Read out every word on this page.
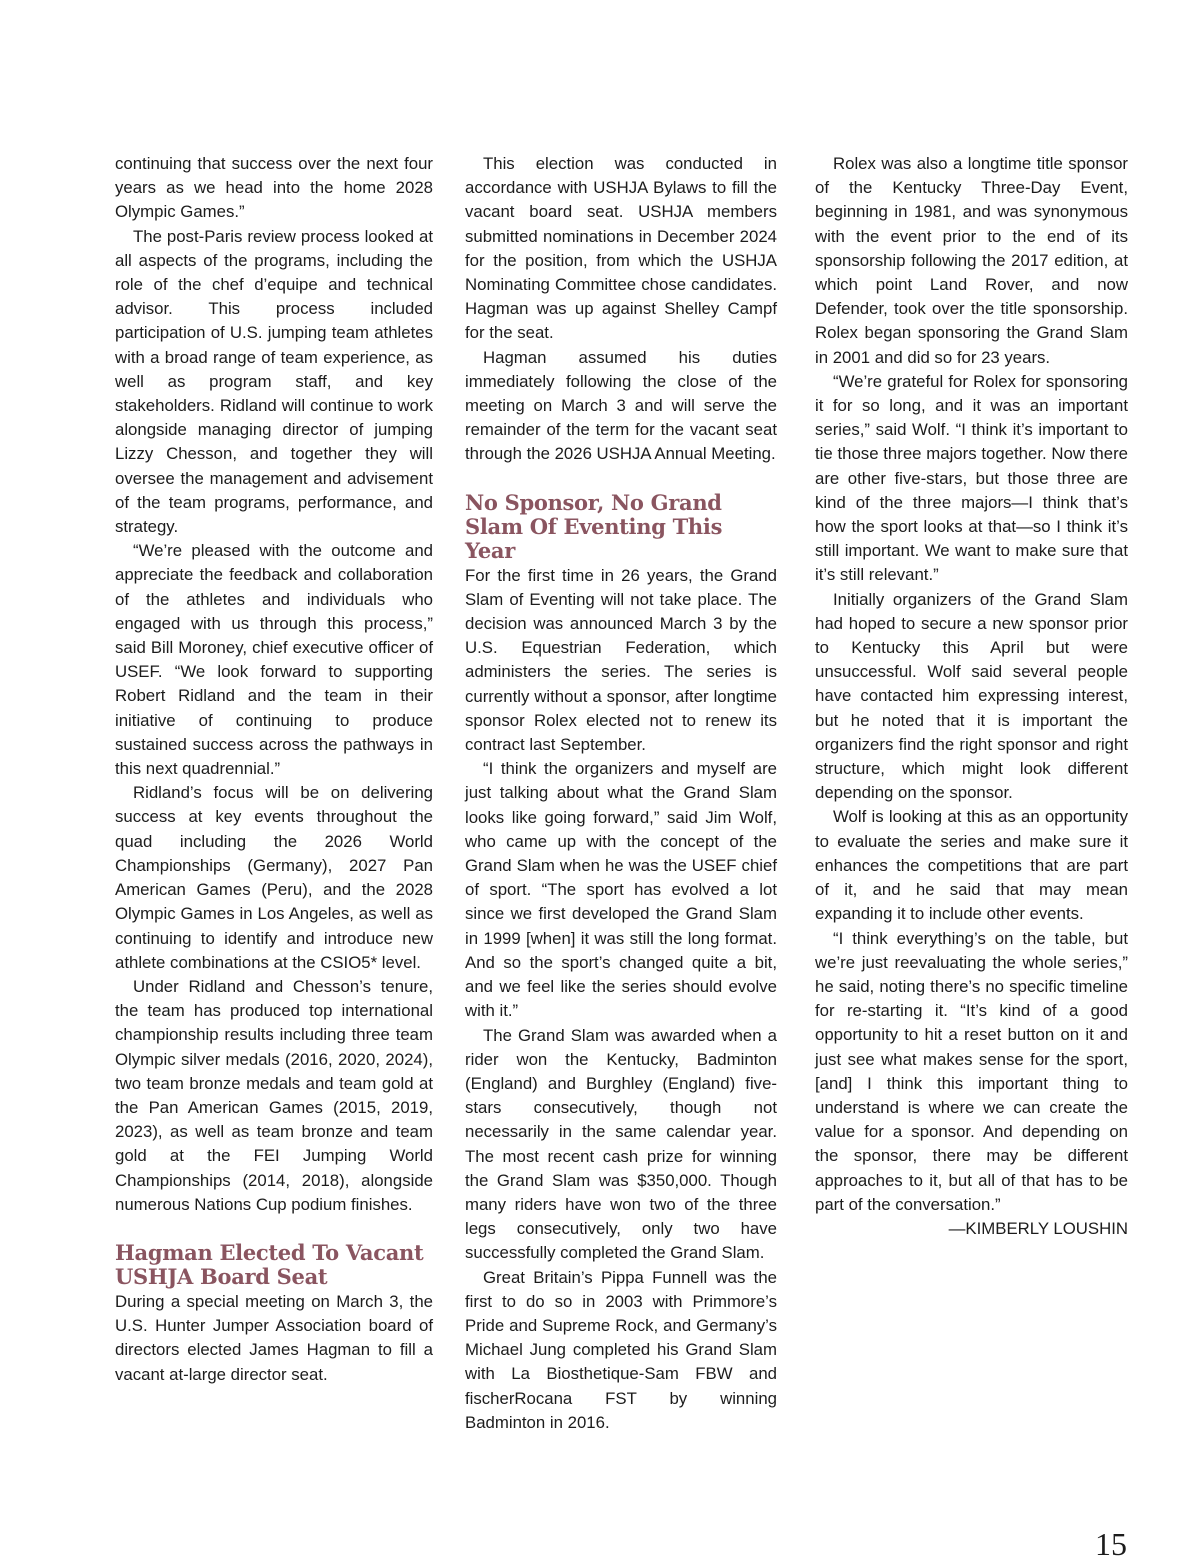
continuing that success over the next four years as we head into the home 2028 Olympic Games.”

The post-Paris review process looked at all aspects of the programs, including the role of the chef d’equipe and technical advisor. This process included participation of U.S. jumping team athletes with a broad range of team experience, as well as program staff, and key stakeholders. Ridland will continue to work alongside managing director of jumping Lizzy Chesson, and together they will oversee the management and advisement of the team programs, performance, and strategy.

“We’re pleased with the outcome and appreciate the feedback and collaboration of the athletes and individuals who engaged with us through this process,” said Bill Moroney, chief executive officer of USEF. “We look forward to supporting Robert Ridland and the team in their initiative of continuing to produce sustained success across the pathways in this next quadrennial.”

Ridland’s focus will be on delivering success at key events throughout the quad including the 2026 World Championships (Germany), 2027 Pan American Games (Peru), and the 2028 Olympic Games in Los Angeles, as well as continuing to identify and introduce new athlete combinations at the CSIO5* level.

Under Ridland and Chesson’s tenure, the team has produced top international championship results including three team Olympic silver medals (2016, 2020, 2024), two team bronze medals and team gold at the Pan American Games (2015, 2019, 2023), as well as team bronze and team gold at the FEI Jumping World Championships (2014, 2018), alongside numerous Nations Cup podium finishes.

Hagman Elected To Vacant USHJA Board Seat

During a special meeting on March 3, the U.S. Hunter Jumper Association board of directors elected James Hagman to fill a vacant at-large director seat.

This election was conducted in accordance with USHJA Bylaws to fill the vacant board seat. USHJA members submitted nominations in December 2024 for the position, from which the USHJA Nominating Committee chose candidates. Hagman was up against Shelley Campf for the seat.

Hagman assumed his duties immediately following the close of the meeting on March 3 and will serve the remainder of the term for the vacant seat through the 2026 USHJA Annual Meeting.

No Sponsor, No Grand Slam Of Eventing This Year

For the first time in 26 years, the Grand Slam of Eventing will not take place. The decision was announced March 3 by the U.S. Equestrian Federation, which administers the series. The series is currently without a sponsor, after longtime sponsor Rolex elected not to renew its contract last September.

“I think the organizers and myself are just talking about what the Grand Slam looks like going forward,” said Jim Wolf, who came up with the concept of the Grand Slam when he was the USEF chief of sport. “The sport has evolved a lot since we first developed the Grand Slam in 1999 [when] it was still the long format. And so the sport’s changed quite a bit, and we feel like the series should evolve with it.”

The Grand Slam was awarded when a rider won the Kentucky, Badminton (England) and Burghley (England) five-stars consecutively, though not necessarily in the same calendar year. The most recent cash prize for winning the Grand Slam was $350,000. Though many riders have won two of the three legs consecutively, only two have successfully completed the Grand Slam.

Great Britain’s Pippa Funnell was the first to do so in 2003 with Primmore’s Pride and Supreme Rock, and Germany’s Michael Jung completed his Grand Slam with La Biosthetique-Sam FBW and fischerRocana FST by winning Badminton in 2016.

Rolex was also a longtime title sponsor of the Kentucky Three-Day Event, beginning in 1981, and was synonymous with the event prior to the end of its sponsorship following the 2017 edition, at which point Land Rover, and now Defender, took over the title sponsorship. Rolex began sponsoring the Grand Slam in 2001 and did so for 23 years.

“We’re grateful for Rolex for sponsoring it for so long, and it was an important series,” said Wolf. “I think it’s important to tie those three majors together. Now there are other five-stars, but those three are kind of the three majors—I think that’s how the sport looks at that—so I think it’s still important. We want to make sure that it’s still relevant.”

Initially organizers of the Grand Slam had hoped to secure a new sponsor prior to Kentucky this April but were unsuccessful. Wolf said several people have contacted him expressing interest, but he noted that it is important the organizers find the right sponsor and right structure, which might look different depending on the sponsor.

Wolf is looking at this as an opportunity to evaluate the series and make sure it enhances the competitions that are part of it, and he said that may mean expanding it to include other events.

“I think everything’s on the table, but we’re just reevaluating the whole series,” he said, noting there’s no specific timeline for re-starting it. “It’s kind of a good opportunity to hit a reset button on it and just see what makes sense for the sport, [and] I think this important thing to understand is where we can create the value for a sponsor. And depending on the sponsor, there may be different approaches to it, but all of that has to be part of the conversation.”

—KIMBERLY LOUSHIN

15
